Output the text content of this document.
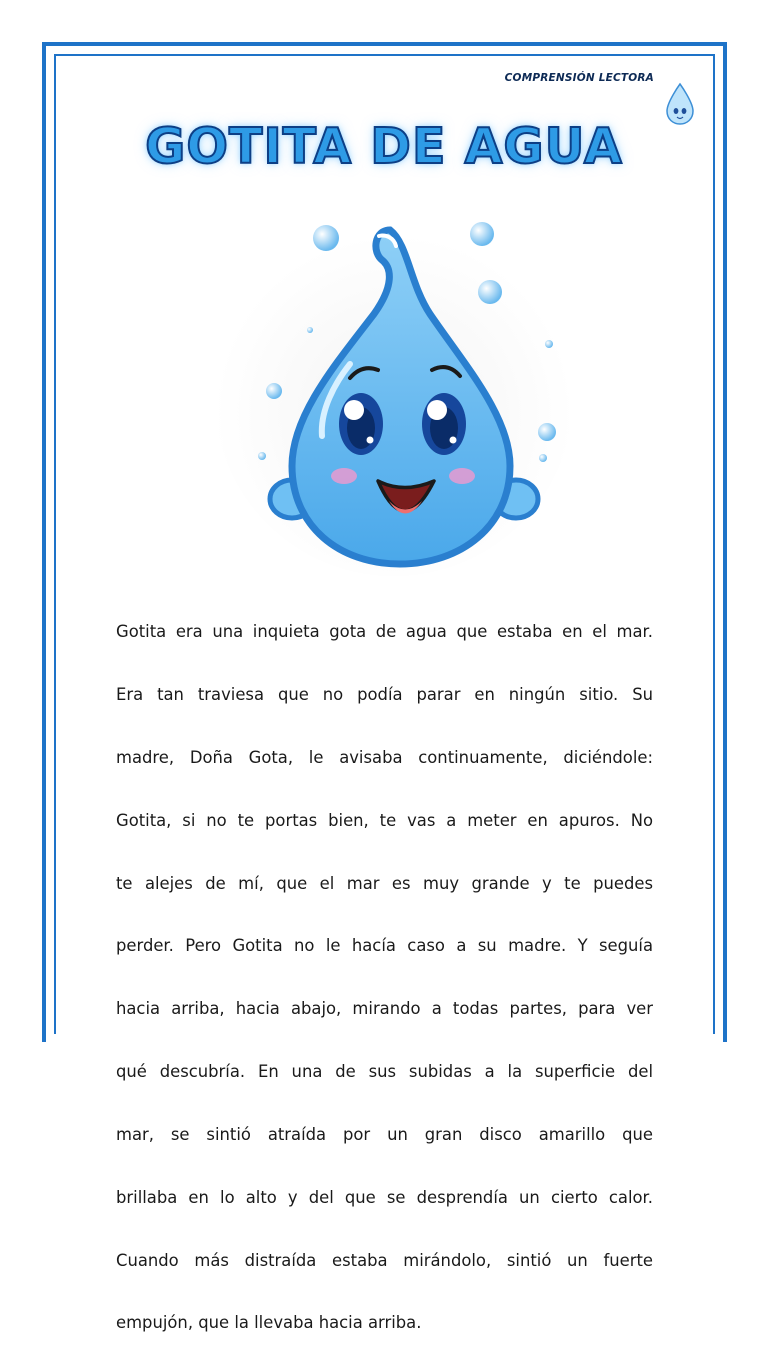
COMPRENSIÓN LECTORA
GOTITA DE AGUA

Gotita era una inquieta gota de agua que estaba en el mar.

Era tan traviesa que no podía parar en ningún sitio. Su

madre, Doña Gota, le avisaba continuamente, diciéndole:

Gotita, si no te portas bien, te vas a meter en apuros. No

te alejes de mí, que el mar es muy grande y te puedes

perder. Pero Gotita no le hacía caso a su madre. Y seguía

hacia arriba, hacia abajo, mirando a todas partes, para ver

qué descubría. En una de sus subidas a la superficie del

mar, se sintió atraída por un gran disco amarillo que

brillaba en lo alto y del que se desprendía un cierto calor.

Cuando más distraída estaba mirándolo, sintió un fuerte

empujón, que la llevaba hacia arriba.
